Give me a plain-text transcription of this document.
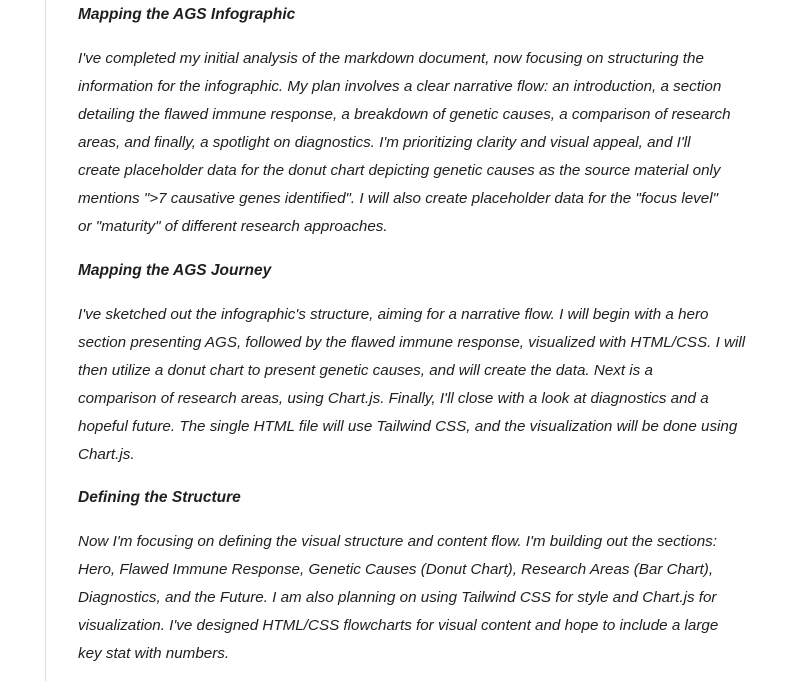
Mapping the AGS Infographic

I've completed my initial analysis of the markdown document, now focusing on structuring the
information for the infographic. My plan involves a clear narrative flow: an introduction, a section
detailing the flawed immune response, a breakdown of genetic causes, a comparison of research
areas, and finally, a spotlight on diagnostics. I'm prioritizing clarity and visual appeal, and I'll
create placeholder data for the donut chart depicting genetic causes as the source material only
mentions ">7 causative genes identified". I will also create placeholder data for the "focus level"
or "maturity" of different research approaches.

Mapping the AGS Journey

I've sketched out the infographic's structure, aiming for a narrative flow. I will begin with a hero
section presenting AGS, followed by the flawed immune response, visualized with HTML/CSS. I will
then utilize a donut chart to present genetic causes, and will create the data. Next is a
comparison of research areas, using Chart.js. Finally, I'll close with a look at diagnostics and a
hopeful future. The single HTML file will use Tailwind CSS, and the visualization will be done using
Chart.js.

Defining the Structure

Now I'm focusing on defining the visual structure and content flow. I'm building out the sections:
Hero, Flawed Immune Response, Genetic Causes (Donut Chart), Research Areas (Bar Chart),
Diagnostics, and the Future. I am also planning on using Tailwind CSS for style and Chart.js for
visualization. I've designed HTML/CSS flowcharts for visual content and hope to include a large
key stat with numbers.
